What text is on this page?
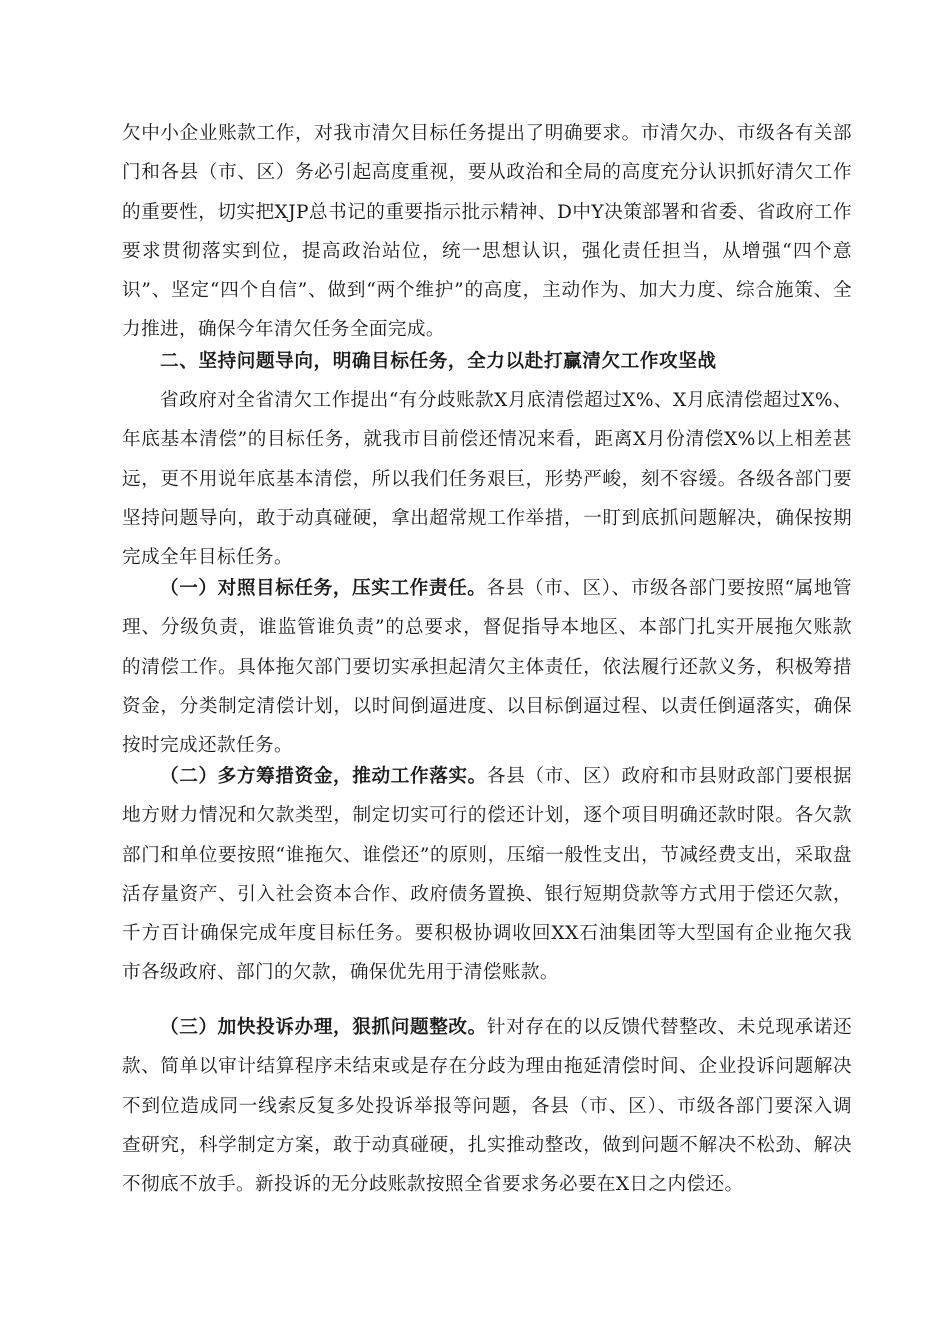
欠中小企业账款工作，对我市清欠目标任务提出了明确要求。市清欠办、市级各有关部门和各县（市、区）务必引起高度重视，要从政治和全局的高度充分认识抓好清欠工作的重要性，切实把XJP总书记的重要指示批示精神、D中Y决策部署和省委、省政府工作要求贯彻落实到位，提高政治站位，统一思想认识，强化责任担当，从增强“四个意识”、坚定“四个自信”、做到“两个维护”的高度，主动作为、加大力度、综合施策、全力推进，确保今年清欠任务全面完成。

二、坚持问题导向，明确目标任务，全力以赴打赢清欠工作攻坚战

省政府对全省清欠工作提出“有分歧账款X月底清偿超过X%、X月底清偿超过X%、年底基本清偿”的目标任务，就我市目前偿还情况来看，距离X月份清偿X%以上相差甚远，更不用说年底基本清偿，所以我们任务艰巨，形势严峻，刻不容缓。各级各部门要坚持问题导向，敢于动真碰硬，拿出超常规工作举措，一盯到底抓问题解决，确保按期完成全年目标任务。

（一）对照目标任务，压实工作责任。各县（市、区）、市级各部门要按照“属地管理、分级负责，谁监管谁负责”的总要求，督促指导本地区、本部门扎实开展拖欠账款的清偿工作。具体拖欠部门要切实承担起清欠主体责任，依法履行还款义务，积极筹措资金，分类制定清偿计划，以时间倒逼进度、以目标倒逼过程、以责任倒逼落实，确保按时完成还款任务。

（二）多方筹措资金，推动工作落实。各县（市、区）政府和市县财政部门要根据地方财力情况和欠款类型，制定切实可行的偿还计划，逐个项目明确还款时限。各欠款部门和单位要按照“谁拖欠、谁偿还”的原则，压缩一般性支出，节减经费支出，采取盘活存量资产、引入社会资本合作、政府债务置换、银行短期贷款等方式用于偿还欠款，千方百计确保完成年度目标任务。要积极协调收回XX石油集团等大型国有企业拖欠我市各级政府、部门的欠款，确保优先用于清偿账款。

（三）加快投诉办理，狠抓问题整改。针对存在的以反馈代替整改、未兑现承诺还款、简单以审计结算程序未结束或是存在分歧为理由拖延清偿时间、企业投诉问题解决不到位造成同一线索反复多处投诉举报等问题，各县（市、区）、市级各部门要深入调查研究，科学制定方案，敢于动真碰硬，扎实推动整改，做到问题不解决不松劲、解决不彻底不放手。新投诉的无分歧账款按照全省要求务必要在X日之内偿还。
